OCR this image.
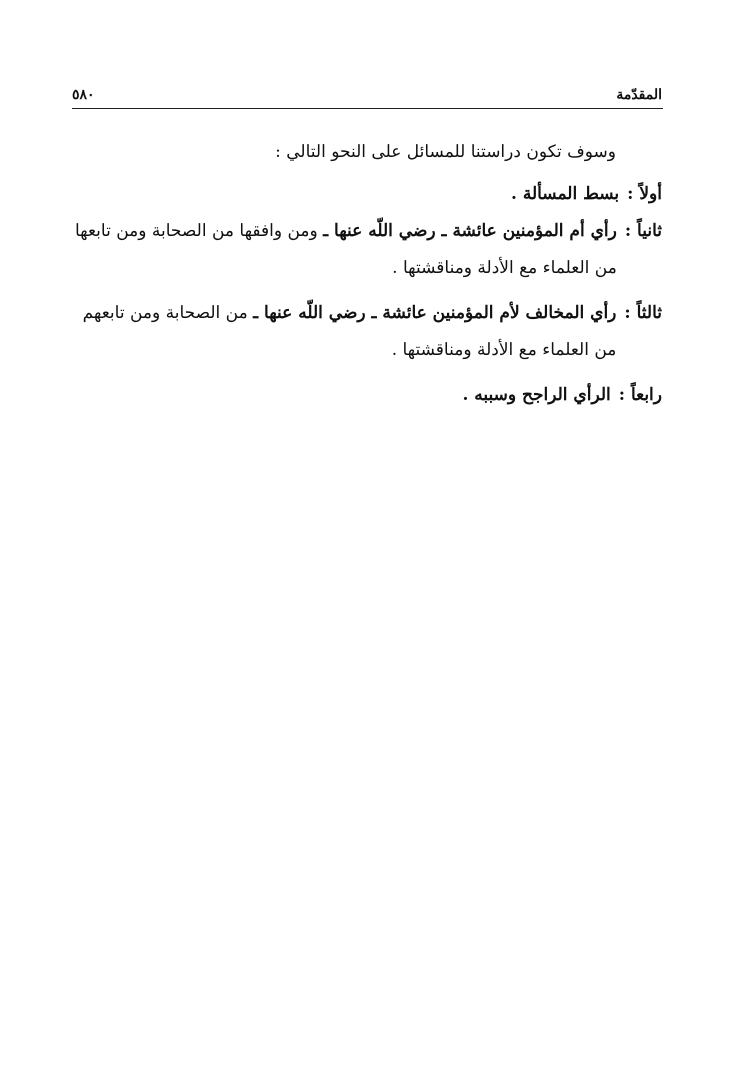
المقدّمة
٥٨٠

وسوف تكون دراستنا للمسائل على النحو التالي :

أولاً :
بسط المسألة .
ثانياً :
رأي أم المؤمنين عائشة ـ رضي اللّه عنها ـ ومن وافقها من الصحابة ومن تابعها
من العلماء مع الأدلة ومناقشتها .
ثالثاً :
رأي المخالف لأم المؤمنين عائشة ـ رضي اللّه عنها ـ من الصحابة ومن تابعهم
من العلماء مع الأدلة ومناقشتها .
رابعاً :
الرأي الراجح وسببه .
